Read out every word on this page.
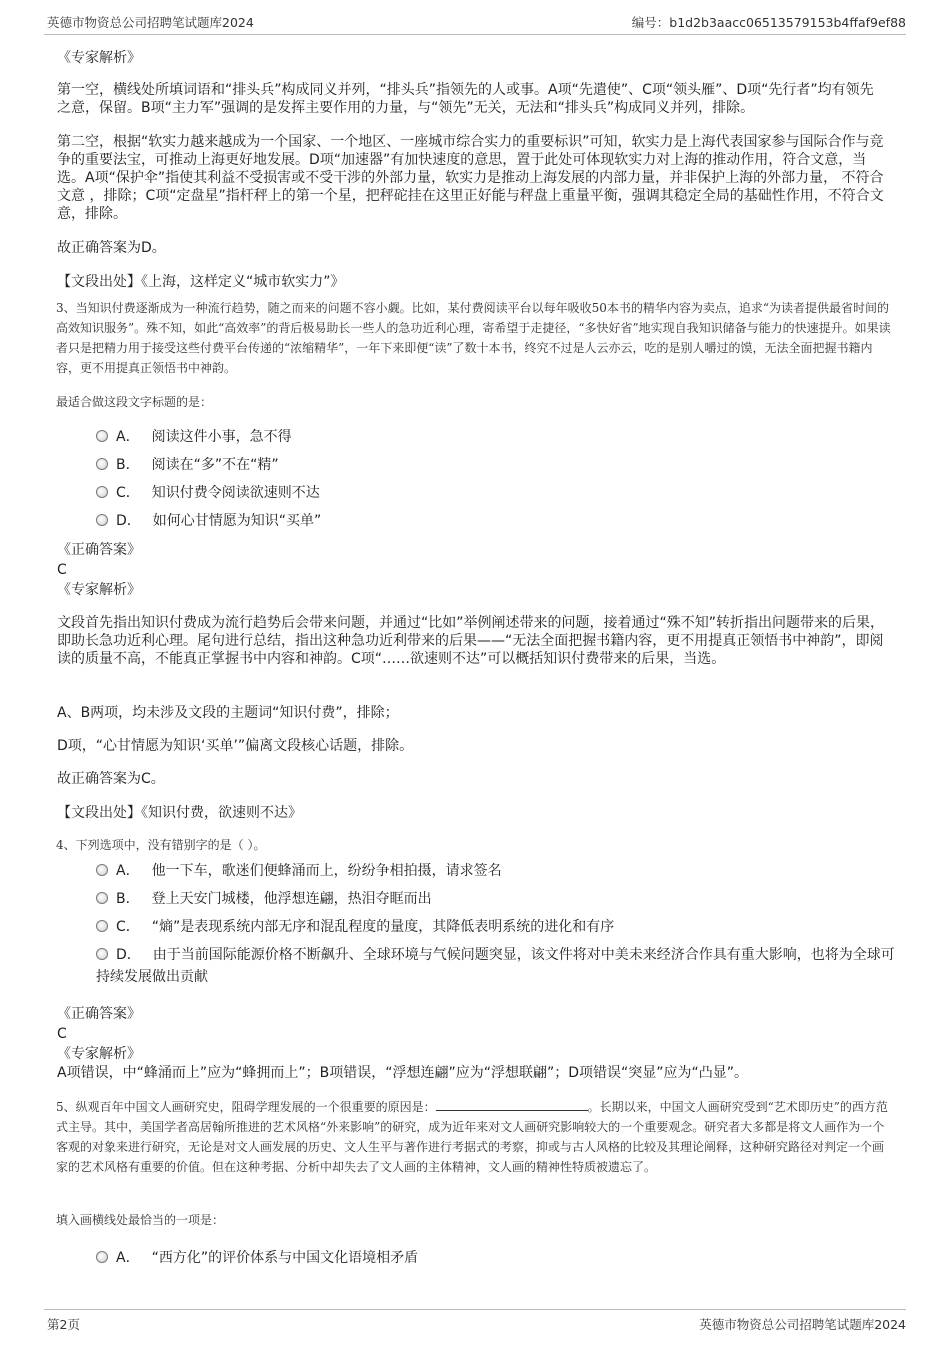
英德市物资总公司招聘笔试题库2024	编号：b1d2b3aacc06513579153b4ffaf9ef88
《专家解析》
第一空，横线处所填词语和“排头兵”构成同义并列，“排头兵”指领先的人或事。A项“先遣使”、C项“领头雁”、D项“先行者”均有领先之意，保留。B项“主力军”强调的是发挥主要作用的力量，与“领先”无关，无法和“排头兵”构成同义并列，排除。
第二空，根据“软实力越来越成为一个国家、一个地区、一座城市综合实力的重要标识”可知，软实力是上海代表国家参与国际合作与竞争的重要法宝，可推动上海更好地发展。D项“加速器”有加快速度的意思，置于此处可体现软实力对上海的推动作用，符合文意，当选。A项“保护伞”指使其利益不受损害或不受干涉的外部力量，软实力是推动上海发展的内部力量，并非保护上海的外部力量， 不符合文意 ，排除；C项“定盘星”指杆秤上的第一个星，把秤砣挂在这里正好能与秤盘上重量平衡，强调其稳定全局的基础性作用，不符合文意，排除。
故正确答案为D。
【文段出处】《上海，这样定义“城市软实力”》
3、当知识付费逐渐成为一种流行趋势，随之而来的问题不容小觑。比如，某付费阅读平台以每年吸收50本书的精华内容为卖点，追求“为读者提供最省时间的高效知识服务”。殊不知，如此“高效率”的背后极易助长一些人的急功近利心理，寄希望于走捷径，“多快好省”地实现自我知识储备与能力的快速提升。如果读者只是把精力用于接受这些付费平台传递的“浓缩精华”，一年下来即便“读”了数十本书，终究不过是人云亦云，吃的是别人嚼过的馍，无法全面把握书籍内容，更不用提真正领悟书中神韵。
最适合做这段文字标题的是：
A． 阅读这件小事，急不得
B． 阅读在“多”不在“精”
C． 知识付费令阅读欲速则不达
D． 如何心甘情愿为知识“买单”
《正确答案》
C
《专家解析》
文段首先指出知识付费成为流行趋势后会带来问题，并通过“比如”举例阐述带来的问题，接着通过“殊不知”转折指出问题带来的后果，即助长急功近利心理。尾句进行总结，指出这种急功近利带来的后果——“无法全面把握书籍内容，更不用提真正领悟书中神韵”，即阅读的质量不高，不能真正掌握书中内容和神韵。C项“……欲速则不达”可以概括知识付费带来的后果，当选。
A、B两项，均未涉及文段的主题词“知识付费”，排除；
D项，“心甘情愿为知识‘买单’”偏离文段核心话题，排除。
故正确答案为C。
【文段出处】《知识付费，欲速则不达》
4、下列选项中，没有错别字的是（ ）。
A． 他一下车，歌迷们便蜂涌而上，纷纷争相拍摄，请求签名
B． 登上天安门城楼，他浮想连翩，热泪夺眶而出
C． “熵”是表现系统内部无序和混乱程度的量度，其降低表明系统的进化和有序
D． 由于当前国际能源价格不断飙升、全球环境与气候问题突显，该文件将对中美未来经济合作具有重大影响，也将为全球可持续发展做出贡献
《正确答案》
C
《专家解析》
A项错误，中“蜂涌而上”应为“蜂拥而上”；B项错误，“浮想连翩”应为“浮想联翩”；D项错误“突显”应为“凸显”。
5、纵观百年中国文人画研究史，阻碍学理发展的一个很重要的原因是：	。长期以来，中国文人画研究受到“艺术即历史”的西方范式主导。其中，美国学者高居翰所推进的艺术风格“外来影响”的研究，成为近年来对文人画研究影响较大的一个重要观念。研究者大多都是将文人画作为一个客观的对象来进行研究，无论是对文人画发展的历史、文人生平与著作进行考据式的考察，抑或与古人风格的比较及其理论阐释，这种研究路径对判定一个画家的艺术风格有重要的价值。但在这种考据、分析中却失去了文人画的主体精神，文人画的精神性特质被遗忘了。
填入画横线处最恰当的一项是：
A． “西方化”的评价体系与中国文化语境相矛盾
第2页	英德市物资总公司招聘笔试题库2024
